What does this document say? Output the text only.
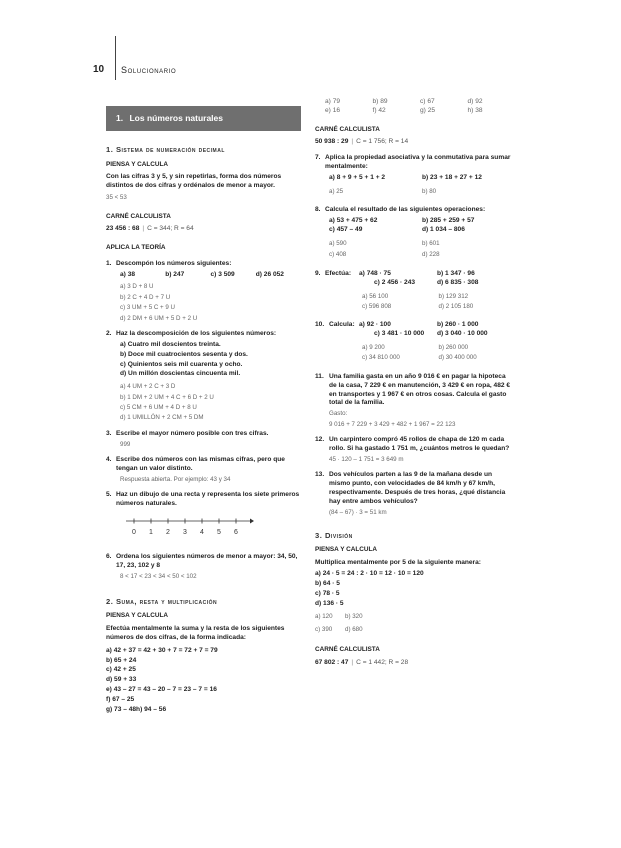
10 Solucionario
1. Los números naturales
1. Sistema de numeración decimal
PIENSA Y CALCULA
Con las cifras 3 y 5, y sin repetirlas, forma dos números distintos de dos cifras y ordénalos de menor a mayor.
35 < 53
CARNÉ CALCULISTA
23 456 : 68 | C = 344; R = 64
APLICA LA TEORÍA
1. Descompón los números siguientes:
a) 38	b) 247	c) 3 509	d) 26 052
a) 3 D + 8 U
b) 2 C + 4 D + 7 U
c) 3 UM + 5 C + 9 U
d) 2 DM + 6 UM + 5 D + 2 U
2. Haz la descomposición de los siguientes números:
a) Cuatro mil doscientos treinta.
b) Doce mil cuatrocientos sesenta y dos.
c) Quinientos seis mil cuarenta y ocho.
d) Un millón doscientas cincuenta mil.
a) 4 UM + 2 C + 3 D
b) 1 DM + 2 UM + 4 C + 6 D + 2 U
c) 5 CM + 6 UM + 4 D + 8 U
d) 1 UMILLÓN + 2 CM + 5 DM
3. Escribe el mayor número posible con tres cifras.
999
4. Escribe dos números con las mismas cifras, pero que tengan un valor distinto.
Respuesta abierta. Por ejemplo: 43 y 34
5. Haz un dibujo de una recta y representa los siete primeros números naturales.
0 1 2 3 4 5 6
6. Ordena los siguientes números de menor a mayor: 34, 50, 17, 23, 102 y 8
8 < 17 < 23 < 34 < 50 < 102
2. Suma, resta y multiplicación
PIENSA Y CALCULA
Efectúa mentalmente la suma y la resta de los siguientes números de dos cifras, de la forma indicada:
a) 42 + 37 = 42 + 30 + 7 = 72 + 7 = 79
b) 65 + 24
c) 42 + 25
d) 59 + 33
e) 43 – 27 = 43 – 20 – 7 = 23 – 7 = 16
f) 67 – 25
g) 73 – 48h) 94 – 56
a) 79	b) 89	c) 67	d) 92
e) 16	f) 42	g) 25	h) 38
CARNÉ CALCULISTA
50 938 : 29 | C = 1 756; R = 14
7. Aplica la propiedad asociativa y la conmutativa para sumar mentalmente:
a) 8 + 9 + 5 + 1 + 2	b) 23 + 18 + 27 + 12
a) 25	b) 80
8. Calcula el resultado de las siguientes operaciones:
a) 53 + 475 + 62	b) 285 + 259 + 57
c) 457 – 49	d) 1 034 – 806
a) 590	b) 601
c) 408	d) 228
9. Efectúa:	a) 748 · 75	b) 1 347 · 96
c) 2 456 · 243	d) 6 835 · 308
a) 56 100	b) 129 312
c) 596 808	d) 2 105 180
10. Calcula: a) 92 · 100	b) 260 · 1 000
c) 3 481 · 10 000	d) 3 040 · 10 000
a) 9 200	b) 260 000
c) 34 810 000	d) 30 400 000
11. Una familia gasta en un año 9 016 € en pagar la hipoteca de la casa, 7 229 € en manutención, 3 429 € en ropa, 482 € en transportes y 1 967 € en otros cosas. Calcula el gasto total de la familia.
Gasto:
9 016 + 7 229 + 3 429 + 482 + 1 967 = 22 123
12. Un carpintero compró 45 rollos de chapa de 120 m cada rollo. Si ha gastado 1 751 m, ¿cuántos metros le quedan?
45 · 120 – 1 751 = 3 649 m
13. Dos vehículos parten a las 9 de la mañana desde un mismo punto, con velocidades de 84 km/h y 67 km/h, respectivamente. Después de tres horas, ¿qué distancia hay entre ambos vehículos?
(84 – 67) · 3 = 51 km
3. División
PIENSA Y CALCULA
Multiplica mentalmente por 5 de la siguiente manera:
a) 24 · 5 = 24 : 2 · 10 = 12 · 10 = 120
b) 64 · 5
c) 78 · 5
d) 136 · 5
a) 120	b) 320
c) 390	d) 680
CARNÉ CALCULISTA
67 802 : 47 | C = 1 442; R = 28
